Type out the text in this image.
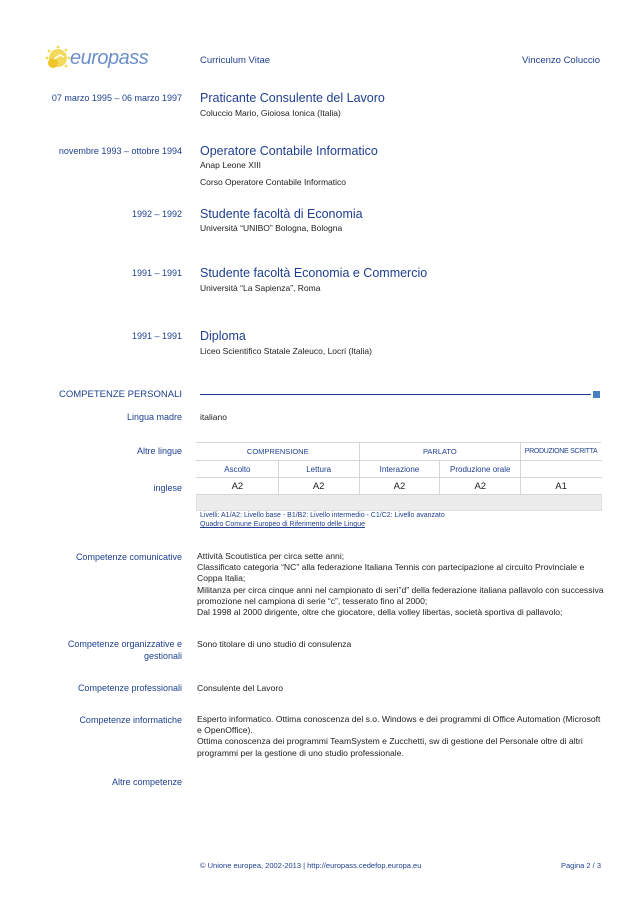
europass	Curriculum Vitae	Vincenzo Coluccio
07 marzo 1995 – 06 marzo 1997 Praticante Consulente del Lavoro
Coluccio Mario, Gioiosa Ionica (Italia)
novembre 1993 – ottobre 1994 Operatore Contabile Informatico
Anap Leone XIII
Corso Operatore Contabile Informatico
1992 – 1992 Studente facoltà di Economia
Università “UNIBO” Bologna, Bologna
1991 – 1991 Studente facoltà Economia e Commercio
Università “La Sapienza”, Roma
1991 – 1991 Diploma
Liceo Scientifico Statale Zaleuco, Locri (Italia)
COMPETENZE PERSONALI
Lingua madre italiano
Altre lingue
inglese
COMPRENSIONE		PARLATO		PRODUZIONE SCRITTA
Ascolto	Lettura	Interazione	Produzione orale	
A2	A2	A2	A2	A1

Livelli: A1/A2: Livello base - B1/B2: Livello intermedio - C1/C2: Livello avanzato
Quadro Comune Europeo di Riferimento delle Lingue
Competenze comunicative Attività Scoutistica per circa sette anni;
Classificato categoria “NC” alla federazione Italiana Tennis con partecipazione al circuito Provinciale e Coppa Italia;
Militanza per circa cinque anni nel campionato di seri”d” della federazione italiana pallavolo con successiva promozione nel campiona di serie “c”, tesserato fino al 2000;
Dal 1998 al 2000 dirigente, oltre che giocatore, della volley libertas, società sportiva di pallavolo;
Competenze organizzative e
gestionali
Sono titolare di uno studio di consulenza
Competenze professionali Consulente del Lavoro
Competenze informatiche Esperto informatico. Ottima conoscenza del s.o. Windows e dei programmi di Office Automation (Microsoft e OpenOffice).
Ottima conoscenza dei programmi TeamSystem e Zucchetti, sw di gestione del Personale oltre di altri programmi per la gestione di uno studio professionale.
Altre competenze
© Unione europea, 2002-2013 | http://europass.cedefop.europa.eu	Pagina 2 / 3
